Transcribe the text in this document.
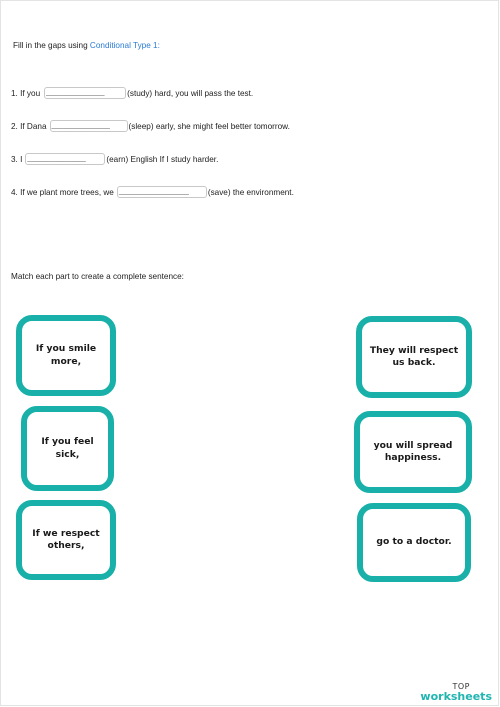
Fill in the gaps using Conditional Type 1:
1. If you _______________	(study) hard, you will pass the test.
2. If Dana _______________	(sleep) early, she might feel better tomorrow.
3. I _______________	(earn) English If I study harder.
4. If we plant more trees, we __________________	(save) the environment.
Match each part to create a complete sentence:
If you smile more,
If you feel sick,
If we respect others,
They will respect us back.
you will spread happiness.
go to a doctor.
TOP
worksheets
